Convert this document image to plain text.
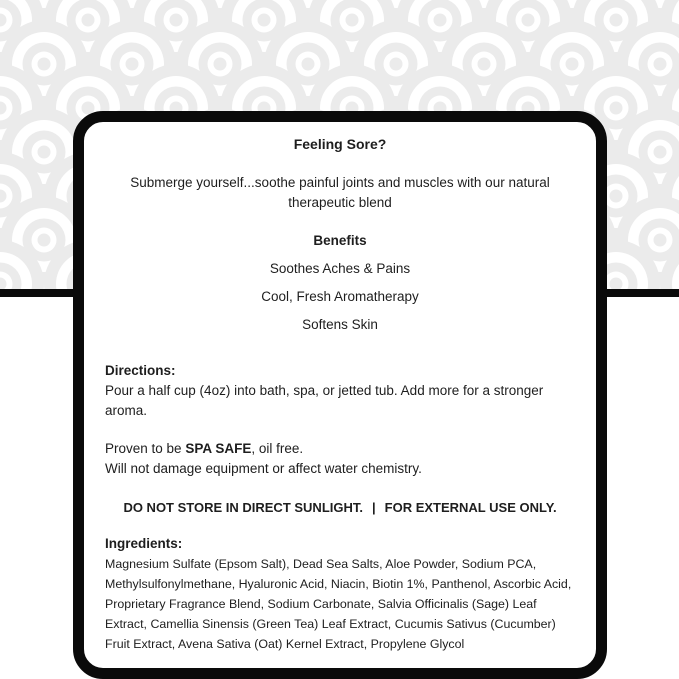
Feeling Sore?

Submerge yourself...soothe painful joints and muscles with our natural therapeutic blend

Benefits

Soothes Aches & Pains

Cool, Fresh Aromatherapy

Softens Skin

Directions:

Pour a half cup (4oz) into bath, spa, or jetted tub. Add more for a stronger aroma.

Proven to be SPA SAFE, oil free.

Will not damage equipment or affect water chemistry.

DO NOT STORE IN DIRECT SUNLIGHT. | FOR EXTERNAL USE ONLY.

Ingredients:

Magnesium Sulfate (Epsom Salt), Dead Sea Salts, Aloe Powder, Sodium PCA, Methylsulfonylmethane, Hyaluronic Acid, Niacin, Biotin 1%, Panthenol, Ascorbic Acid, Proprietary Fragrance Blend, Sodium Carbonate, Salvia Officinalis (Sage) Leaf Extract, Camellia Sinensis (Green Tea) Leaf Extract, Cucumis Sativus (Cucumber) Fruit Extract, Avena Sativa (Oat) Kernel Extract, Propylene Glycol
